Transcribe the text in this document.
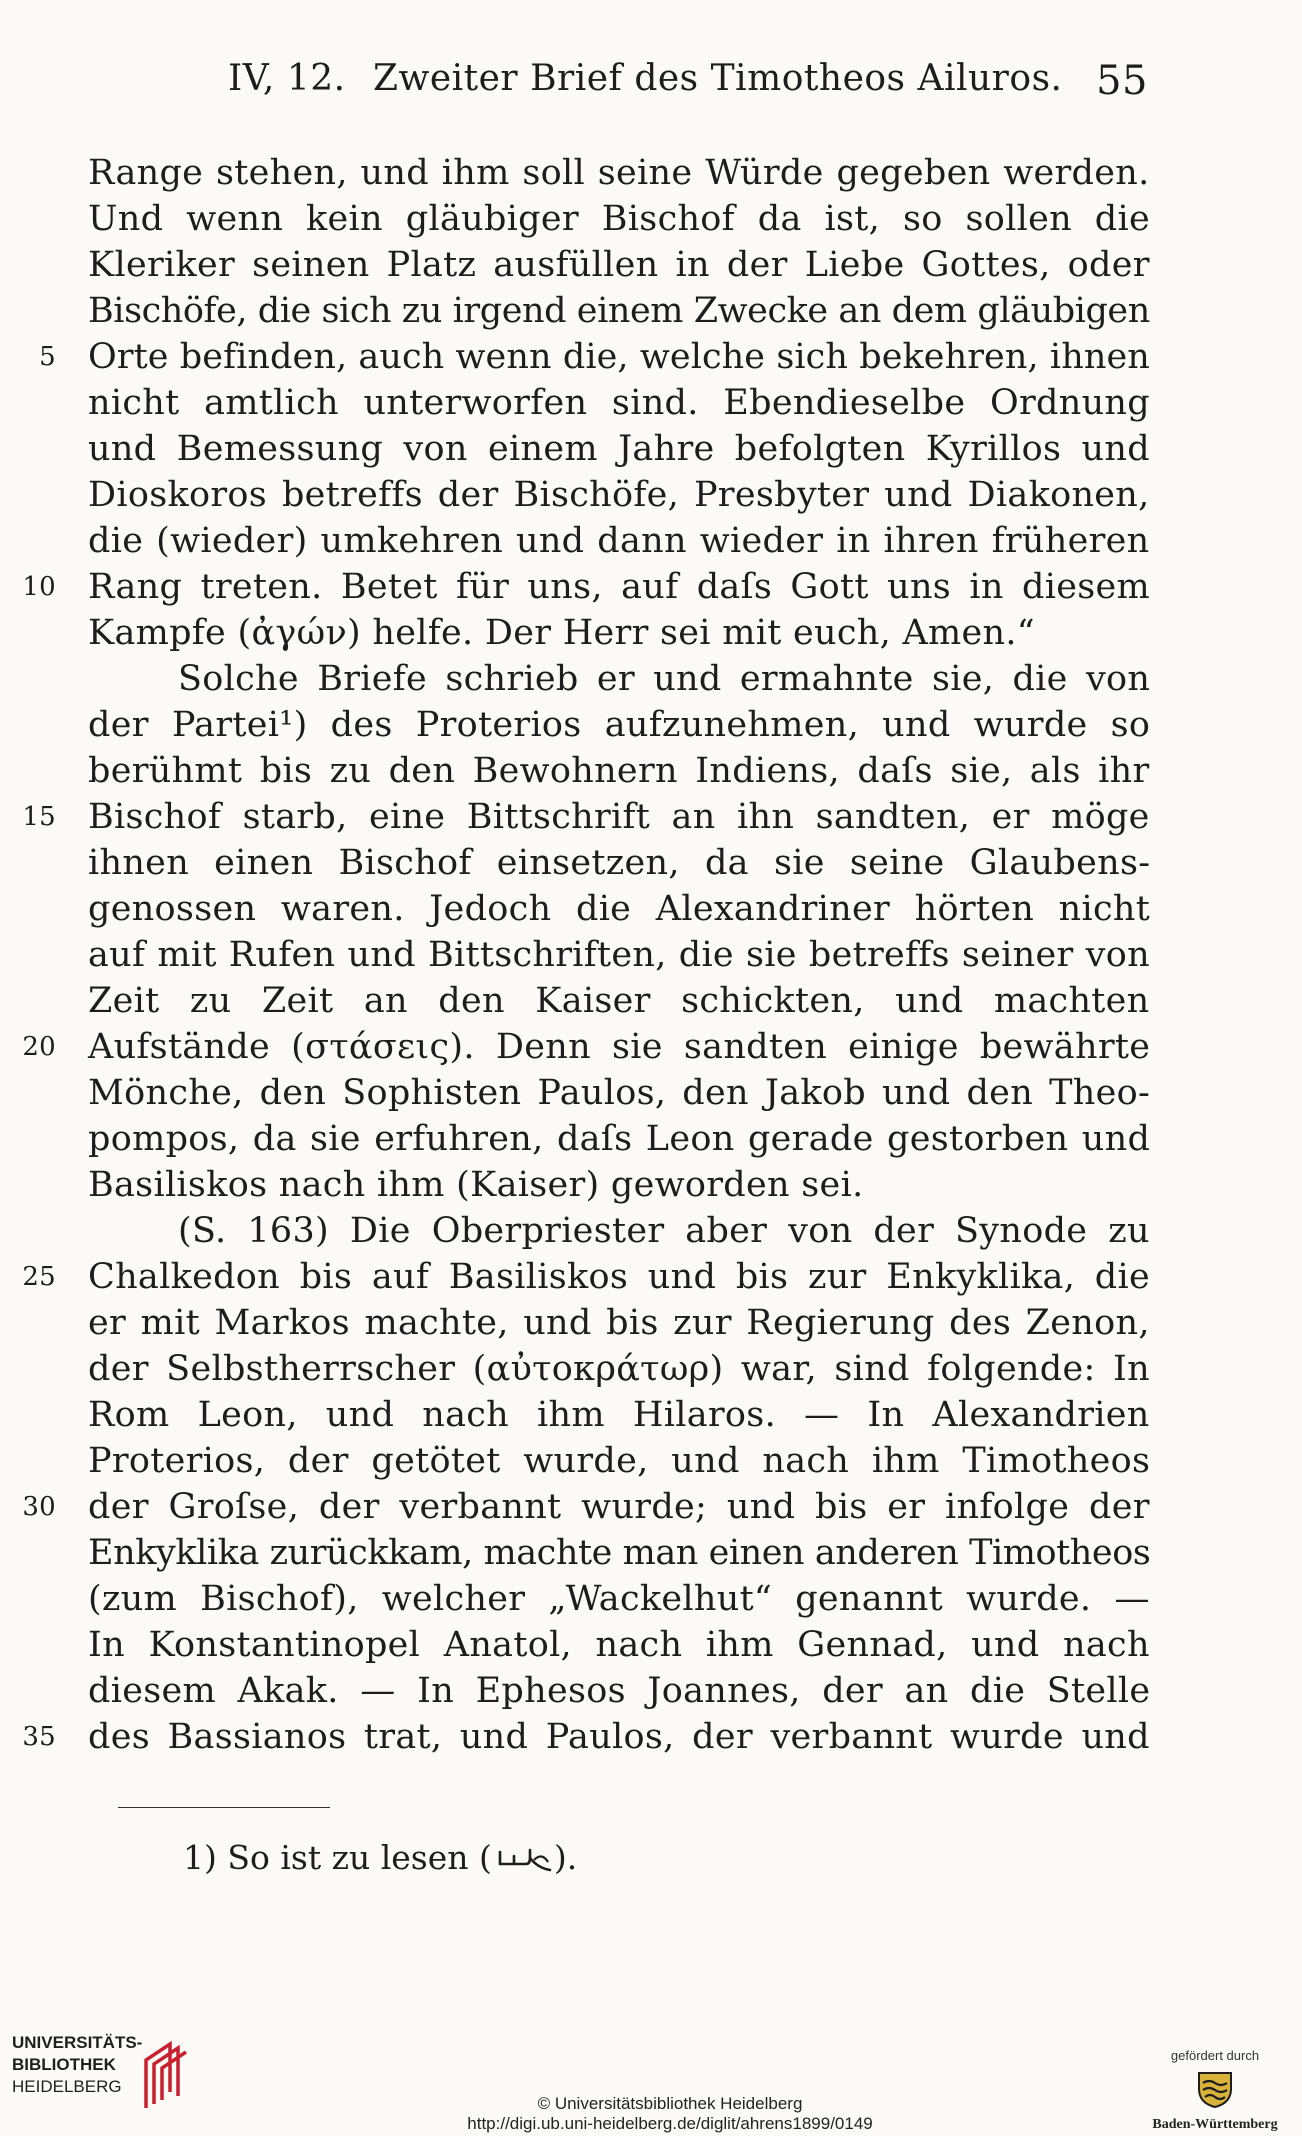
IV, 12. Zweiter Brief des Timotheos Ailuros. 55
Range stehen, und ihm soll seine Würde gegeben werden.
Und wenn kein gläubiger Bischof da ist, so sollen die
Kleriker seinen Platz ausfüllen in der Liebe Gottes, oder
Bischöfe, die sich zu irgend einem Zwecke an dem gläubigen
5 Orte befinden, auch wenn die, welche sich bekehren, ihnen
nicht amtlich unterworfen sind. Ebendieselbe Ordnung
und Bemessung von einem Jahre befolgten Kyrillos und
Dioskoros betreffs der Bischöfe, Presbyter und Diakonen,
die (wieder) umkehren und dann wieder in ihren früheren
10 Rang treten. Betet für uns, auf daſs Gott uns in diesem
Kampfe (ἀγών) helfe. Der Herr sei mit euch, Amen.“
Solche Briefe schrieb er und ermahnte sie, die von
der Partei¹) des Proterios aufzunehmen, und wurde so
berühmt bis zu den Bewohnern Indiens, daſs sie, als ihr
15 Bischof starb, eine Bittschrift an ihn sandten, er möge
ihnen einen Bischof einsetzen, da sie seine Glaubens-
genossen waren. Jedoch die Alexandriner hörten nicht
auf mit Rufen und Bittschriften, die sie betreffs seiner von
Zeit zu Zeit an den Kaiser schickten, und machten
20 Aufstände (στάσεις). Denn sie sandten einige bewährte
Mönche, den Sophisten Paulos, den Jakob und den Theo-
pompos, da sie erfuhren, daſs Leon gerade gestorben und
Basiliskos nach ihm (Kaiser) geworden sei.
(S. 163) Die Oberpriester aber von der Synode zu
25 Chalkedon bis auf Basiliskos und bis zur Enkyklika, die
er mit Markos machte, und bis zur Regierung des Zenon,
der Selbstherrscher (αὐτοκράτωρ) war, sind folgende: In
Rom Leon, und nach ihm Hilaros. — In Alexandrien
Proterios, der getötet wurde, und nach ihm Timotheos
30 der Groſse, der verbannt wurde; und bis er infolge der
Enkyklika zurückkam, machte man einen anderen Timotheos
(zum Bischof), welcher „Wackelhut“ genannt wurde. —
In Konstantinopel Anatol, nach ihm Gennad, und nach
diesem Akak. — In Ephesos Joannes, der an die Stelle
35 des Bassianos trat, und Paulos, der verbannt wurde und
1) So ist zu lesen ( ).
UNIVERSITÄTS-
BIBLIOTHEK
HEIDELBERG
© Universitätsbibliothek Heidelberg
http://digi.ub.uni-heidelberg.de/diglit/ahrens1899/0149
gefördert durch
Baden-Württemberg
